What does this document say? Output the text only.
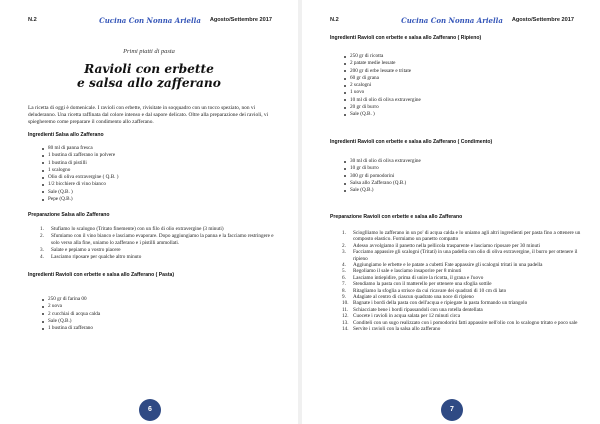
N.2	Cucina Con Nonna Ariella	Agosto/Settembre 2017
Primi piatti di pasta
Ravioli con erbette
e salsa allo zafferano

La ricetta di oggi è domenicale. I ravioli con erbette, rivisitate in soqquadro con un tocco speziato, non vi deluderanno. Una ricetta raffinata dal colore intenso e dal sapore delicato. Oltre alla preparazione dei ravioli, vi spiegheremo come preparare il condimento allo zafferano.

Ingredienti Salsa allo Zafferano
80 ml di panna fresca
1 bustina di zafferano in polvere
1 bustina di pistilli
1 scalogno
Olio di oliva extravergine ( Q.B. )
1/2 bicchiere di vino bianco
Sale (Q.B. )
Pepe (Q.B.)
Preparazione Salsa allo Zafferano
1.	Stufiamo lo scalogno (Tritato finemente) con un filo di olio extravergine (3 minuti)
2.	Sfumiamo con il vino bianco e lasciamo evaporare. Dopo aggiungiamo la panna e la facciamo restringere e solo verso alla fine, uniamo lo zafferano e i pistilli ammollati.
3.	Salate e pepiamo a vostro piacere
4.	Lasciamo riposare per qualche altro minuto
Ingredienti Ravioli con erbette e salsa allo Zafferano ( Pasta)
250 gr di farina 00
2 uova
2 cucchiai di acqua calda
Sale (Q.B.)
1 bustina di zafferano
6
N.2	Cucina Con Nonna Ariella	Agosto/Settembre 2017
Ingredienti Ravioli con erbette e salsa allo Zafferano ( Ripieno)
250 gr di ricotta
2 patate medie lessate
200 gr di erbe lessate e tritate
60 gr di grana
2 scalogni
1 uovo
10 ml di olio di oliva extravergine
20 gr di burro
Sale (Q.B. )
Ingredienti Ravioli con erbette e salsa allo Zafferano ( Condimento)
30 ml di olio di oliva extravergine
10 gr di burro
300 gr di pomodorini
Salsa allo Zafferano (Q.B.)
Sale (Q.B.)
Preparazione Ravioli con erbette e salsa allo Zafferano
1.	Scioglliamo lo zafferano in un po' di acqua calda e lo uniamo agli altri ingredienti per pasta fino a ottenere un composto elastico. Formiamo un panetto compatto
2.	Adesso avvolgiamo il panetto nella pellicola trasparente e lasciamo riposare per 30 minuti
3.	Facciamo appassire gli scalogni (Tritati) in una padella con olio di oliva extravergine, il burro per ottenere il ripieno
4.	Aggiungiamo le erbette e le patate a cubetti Fate appassire gli scalogni tritati in una padella
5.	Regoliamo il sale e lasciamo insaporire per 8 minuti
6.	Lasciamo intiepidire, prima di unire la ricotta, il grana e l'uovo
7.	Stendiamo la pasta con il matterello per ottenere una sfoglia sottile
8.	Ritagliamo la sfoglia a strisce da cui ricavare dei quadrati di 10 cm di lato
9.	Adagiate al centro di ciascun quadrato una noce di ripieno
10. Bagnate i bordi della pasta con dell'acqua e ripiegate la pasta formando un triangolo
11. Schiacciate bene i bordi ripassandoli con una rotella dentellata
12. Cuocete i ravioli in acqua salata per 12 minuti circa
13. Conditeli con un sugo realizzato con i pomodorini fatti appassire nell'olio con lo scalogno tritato e poco sale
14. Servite i ravioli con la salsa allo zafferano
7
